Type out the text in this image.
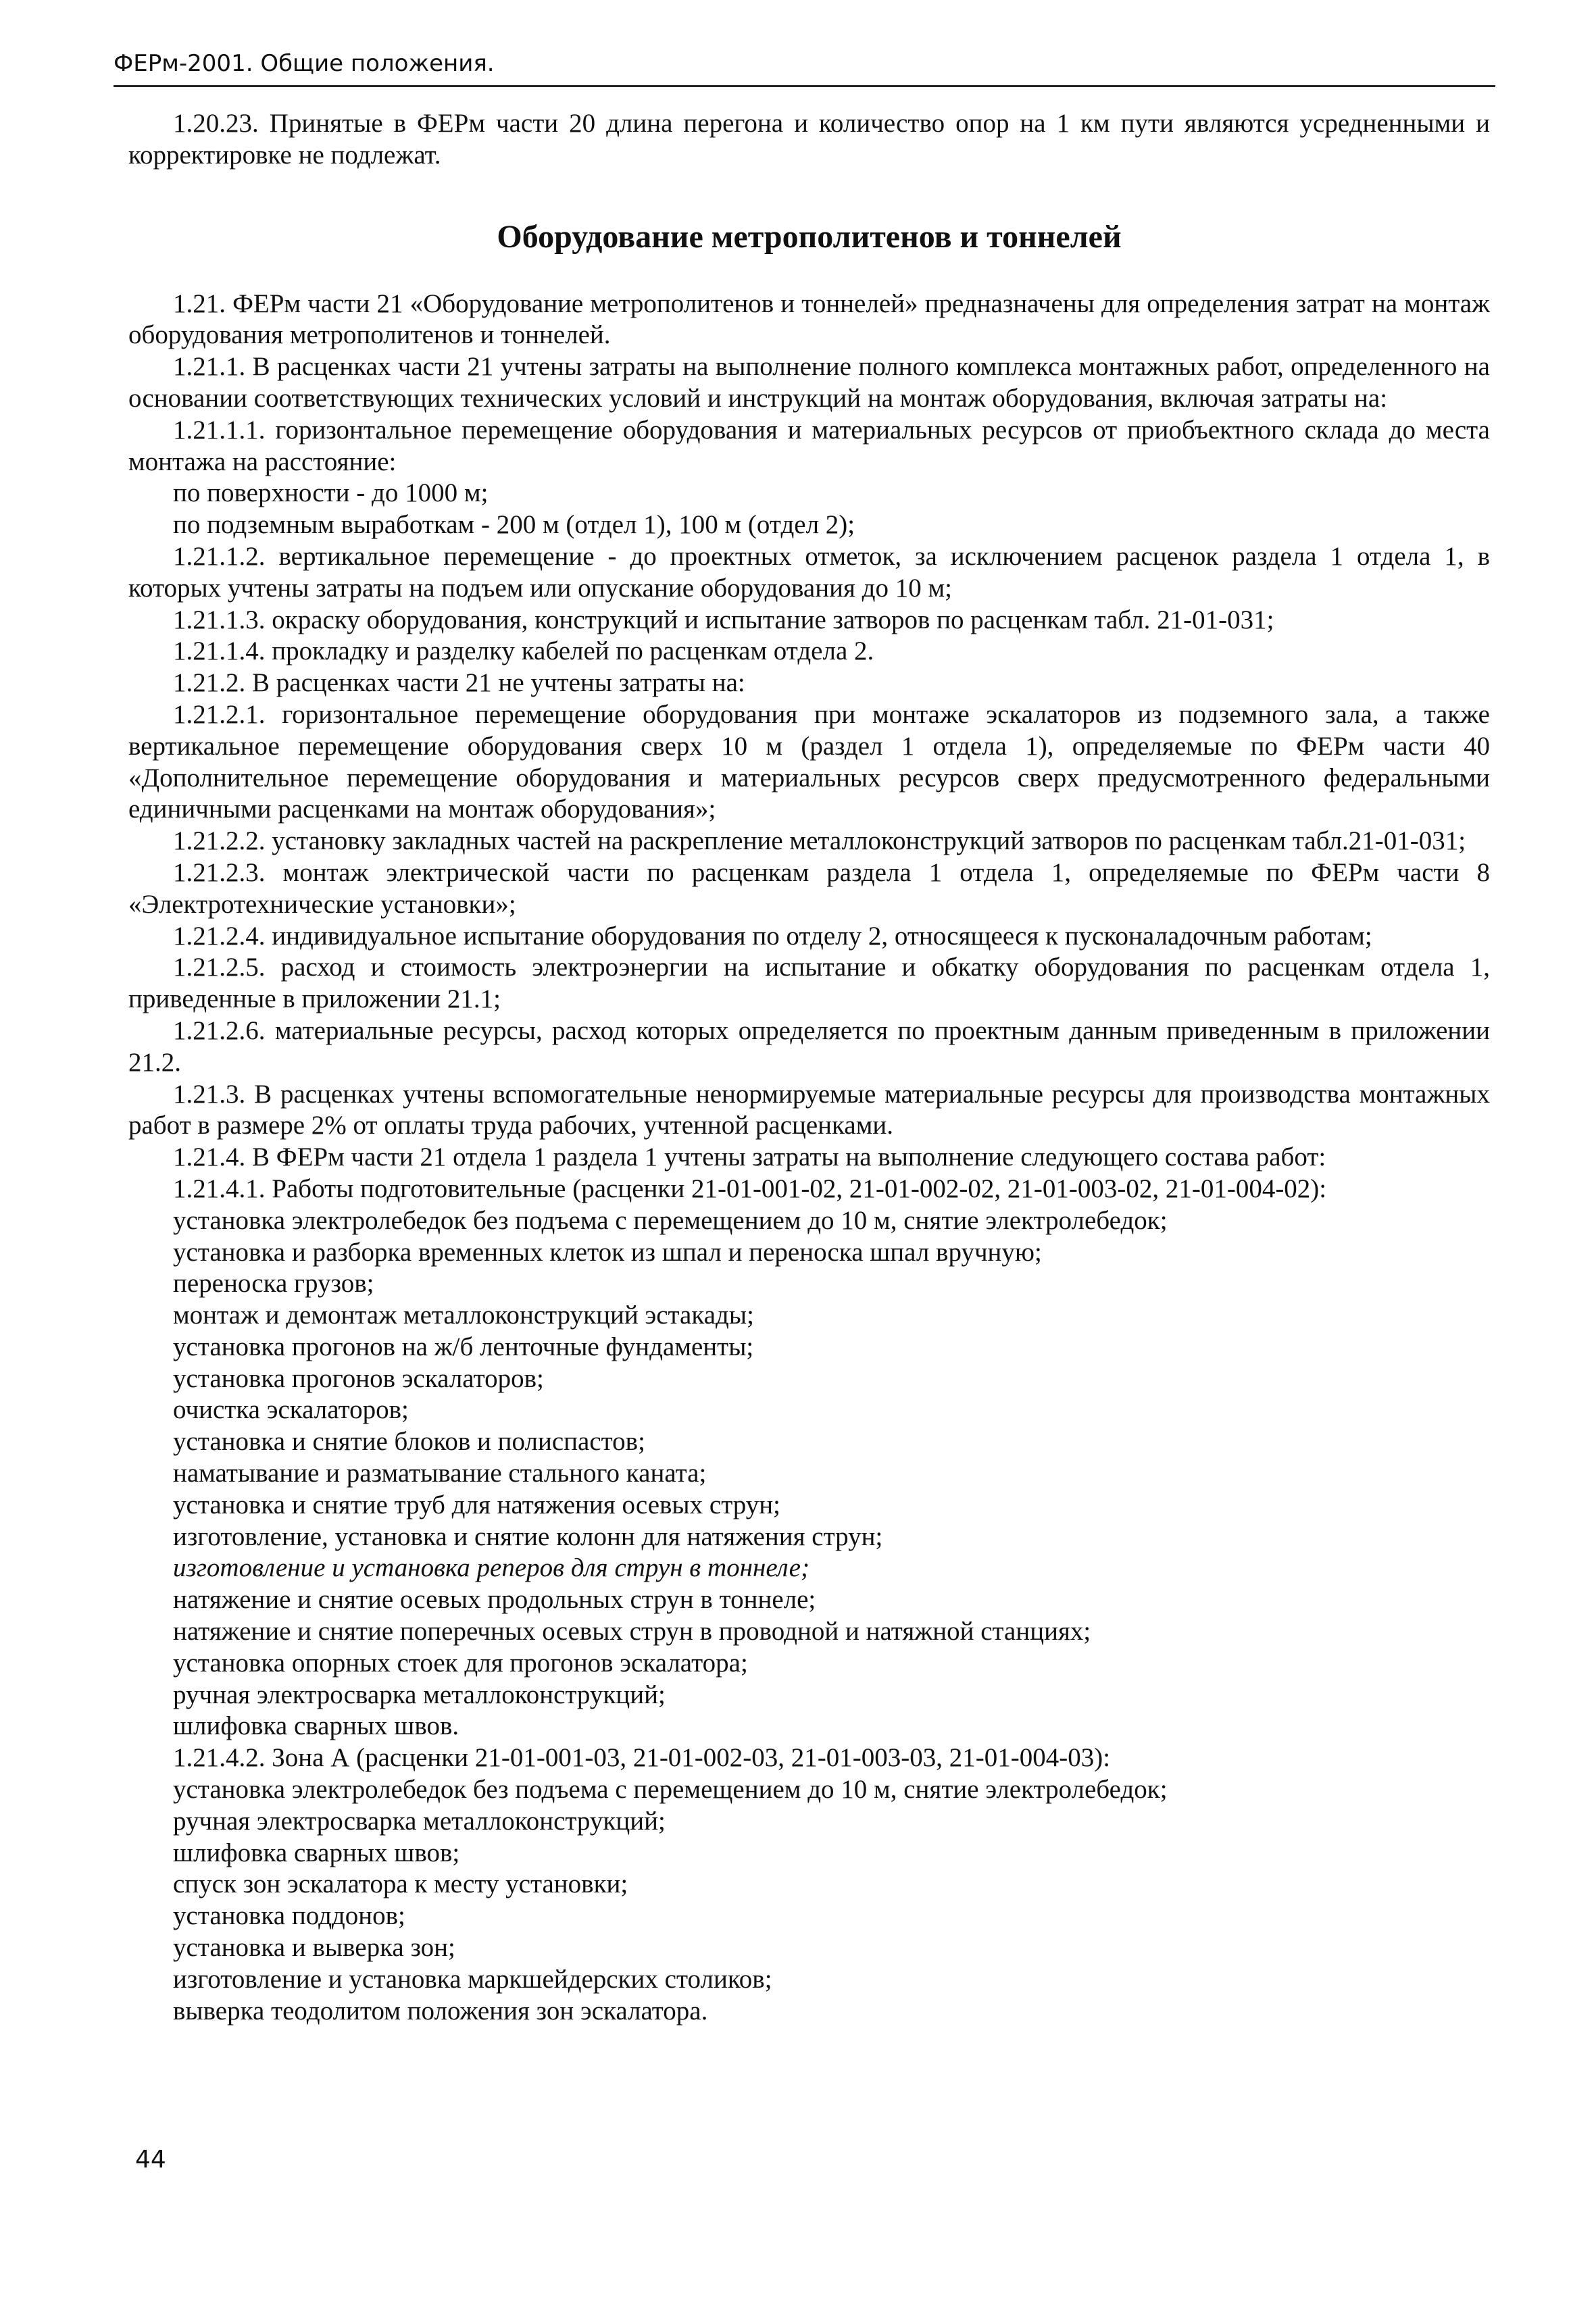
ФЕРм-2001. Общие положения.

1.20.23. Принятые в ФЕРм части 20 длина перегона и количество опор на 1 км пути являются усредненными и корректировке не подлежат.

Оборудование метрополитенов и тоннелей

1.21. ФЕРм части 21 «Оборудование метрополитенов и тоннелей» предназначены для определения затрат на монтаж оборудования метрополитенов и тоннелей.

1.21.1. В расценках части 21 учтены затраты на выполнение полного комплекса монтажных работ, определенного на основании соответствующих технических условий и инструкций на монтаж оборудования, включая затраты на:

1.21.1.1. горизонтальное перемещение оборудования и материальных ресурсов от приобъектного склада до места монтажа на расстояние:

по поверхности - до 1000 м;

по подземным выработкам - 200 м (отдел 1), 100 м (отдел 2);

1.21.1.2. вертикальное перемещение - до проектных отметок, за исключением расценок раздела 1 отдела 1, в которых учтены затраты на подъем или опускание оборудования до 10 м;

1.21.1.3. окраску оборудования, конструкций и испытание затворов по расценкам табл. 21-01-031;

1.21.1.4. прокладку и разделку кабелей по расценкам отдела 2.

1.21.2. В расценках части 21 не учтены затраты на:

1.21.2.1. горизонтальное перемещение оборудования при монтаже эскалаторов из подземного зала, а также вертикальное перемещение оборудования сверх 10 м (раздел 1 отдела 1), определяемые по ФЕРм части 40 «Дополнительное перемещение оборудования и материальных ресурсов сверх предусмотренного федеральными единичными расценками на монтаж оборудования»;

1.21.2.2. установку закладных частей на раскрепление металлоконструкций затворов по расценкам табл.21-01-031;

1.21.2.3. монтаж электрической части по расценкам раздела 1 отдела 1, определяемые по ФЕРм части 8 «Электротехнические установки»;

1.21.2.4. индивидуальное испытание оборудования по отделу 2, относящееся к пусконаладочным работам;

1.21.2.5. расход и стоимость электроэнергии на испытание и обкатку оборудования по расценкам отдела 1, приведенные в приложении 21.1;

1.21.2.6. материальные ресурсы, расход которых определяется по проектным данным приведенным в приложении 21.2.

1.21.3. В расценках учтены вспомогательные ненормируемые материальные ресурсы для производства монтажных работ в размере 2% от оплаты труда рабочих, учтенной расценками.

1.21.4. В ФЕРм части 21 отдела 1 раздела 1 учтены затраты на выполнение следующего состава работ:

1.21.4.1. Работы подготовительные (расценки 21-01-001-02, 21-01-002-02, 21-01-003-02, 21-01-004-02):

установка электролебедок без подъема с перемещением до 10 м, снятие электролебедок;

установка и разборка временных клеток из шпал и переноска шпал вручную;

переноска грузов;

монтаж и демонтаж металлоконструкций эстакады;

установка прогонов на ж/б ленточные фундаменты;

установка прогонов эскалаторов;

очистка эскалаторов;

установка и снятие блоков и полиспастов;

наматывание и разматывание стального каната;

установка и снятие труб для натяжения осевых струн;

изготовление, установка и снятие колонн для натяжения струн;

изготовление и установка реперов для струн в тоннеле;

натяжение и снятие осевых продольных струн в тоннеле;

натяжение и снятие поперечных осевых струн в проводной и натяжной станциях;

установка опорных стоек для прогонов эскалатора;

ручная электросварка металлоконструкций;

шлифовка сварных швов.

1.21.4.2. Зона А (расценки 21-01-001-03, 21-01-002-03, 21-01-003-03, 21-01-004-03):

установка электролебедок без подъема с перемещением до 10 м, снятие электролебедок;

ручная электросварка металлоконструкций;

шлифовка сварных швов;

спуск зон эскалатора к месту установки;

установка поддонов;

установка и выверка зон;

изготовление и установка маркшейдерских столиков;

выверка теодолитом положения зон эскалатора.

44
